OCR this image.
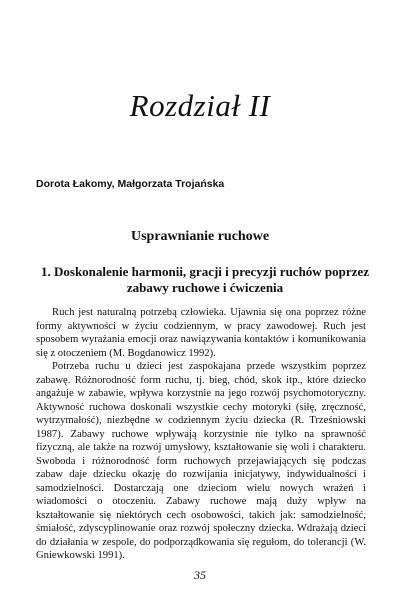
Rozdział II
Dorota Łakomy, Małgorzata Trojańska
Usprawnianie ruchowe
1. Doskonalenie harmonii, gracji i precyzji ruchów poprzez zabawy ruchowe i ćwiczenia

Ruch jest naturalną potrzebą człowieka. Ujawnia się ona poprzez różne formy aktywności w życiu codziennym, w pracy zawodowej. Ruch jest sposobem wyrażania emocji oraz nawiązywania kontaktów i komunikowania się z otoczeniem (M. Bogdanowicz 1992).

Potrzeba ruchu u dzieci jest zaspokajana przede wszystkim poprzez zabawę. Różnorodność form ruchu, tj. bieg, chód, skok itp., które dziecko angażuje w zabawie, wpływa korzystnie na jego rozwój psychomotoryczny. Aktywność ruchowa doskonali wszystkie cechy motoryki (siłę, zręczność, wytrzymałość), niezbędne w codziennym życiu dziecka (R. Trześniowski 1987). Zabawy ruchowe wpływają korzystnie nie tylko na sprawność fizyczną, ale także na rozwój umysłowy, kształtowanie się woli i charakteru. Swoboda i różnorodność form ruchowych przejawiających się podczas zabaw daje dziecku okazję do rozwijania inicjatywy, indywidualności i samodzielności. Dostarczają one dzieciom wielu nowych wrażeń i wiadomości o otoczeniu. Zabawy ruchowe mają duży wpływ na kształtowanie się niektórych cech osobowości, takich jak: samodzielność, śmiałość, zdyscyplinowanie oraz rozwój społeczny dziecka. Wdrażają dzieci do działania w zespole, do podporządkowania się regułom, do tolerancji (W. Gniewkowski 1991).

35
